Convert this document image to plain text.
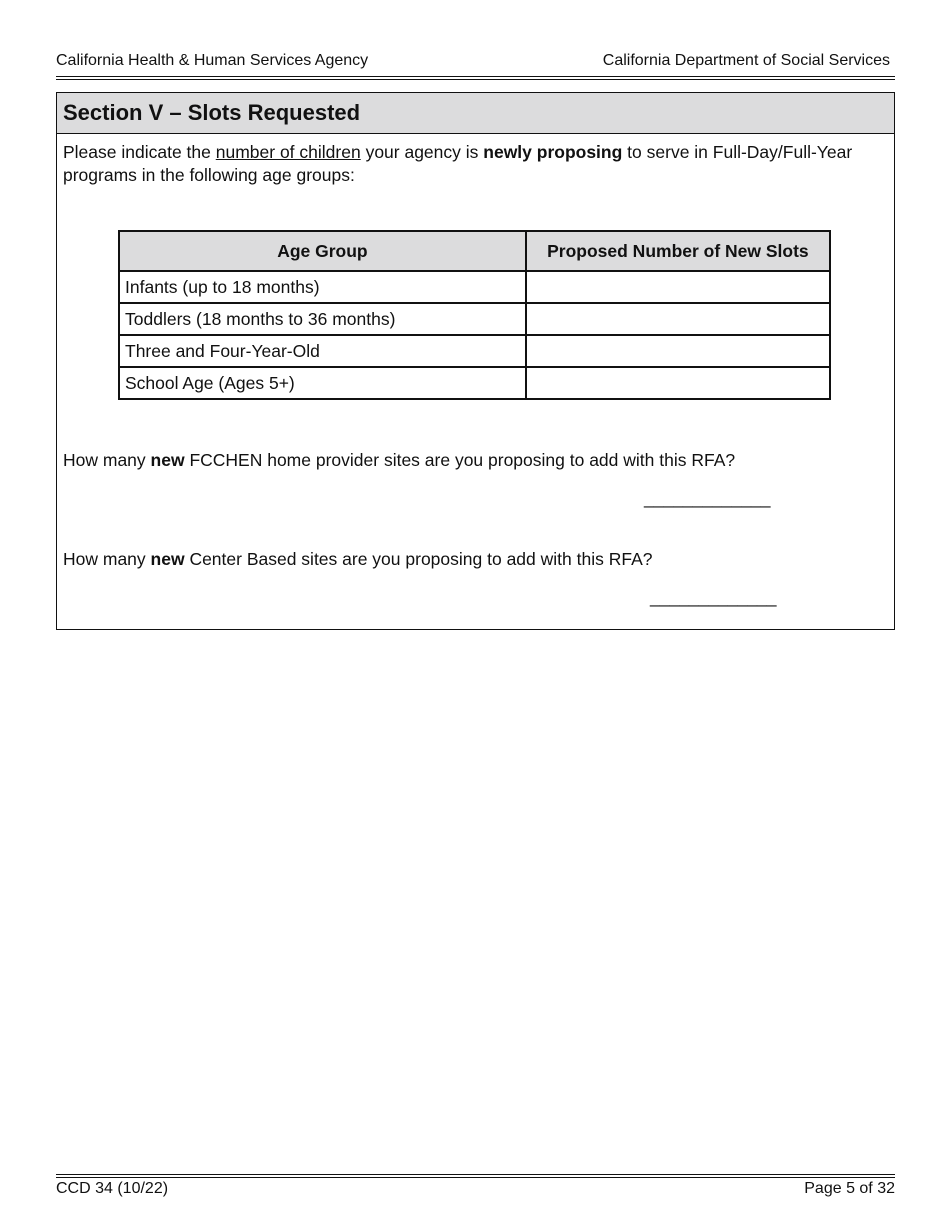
California Health & Human Services Agency	California Department of Social Services
Section V – Slots Requested
Please indicate the number of children your agency is newly proposing to serve in Full-Day/Full-Year programs in the following age groups:
Age Group	Proposed Number of New Slots
Infants (up to 18 months)	
Toddlers (18 months to 36 months)	
Three and Four-Year-Old	
School Age (Ages 5+)	
How many new FCCHEN home provider sites are you proposing to add with this RFA?
_____________
How many new Center Based sites are you proposing to add with this RFA?
_____________
CCD 34 (10/22)	Page 5 of 32
